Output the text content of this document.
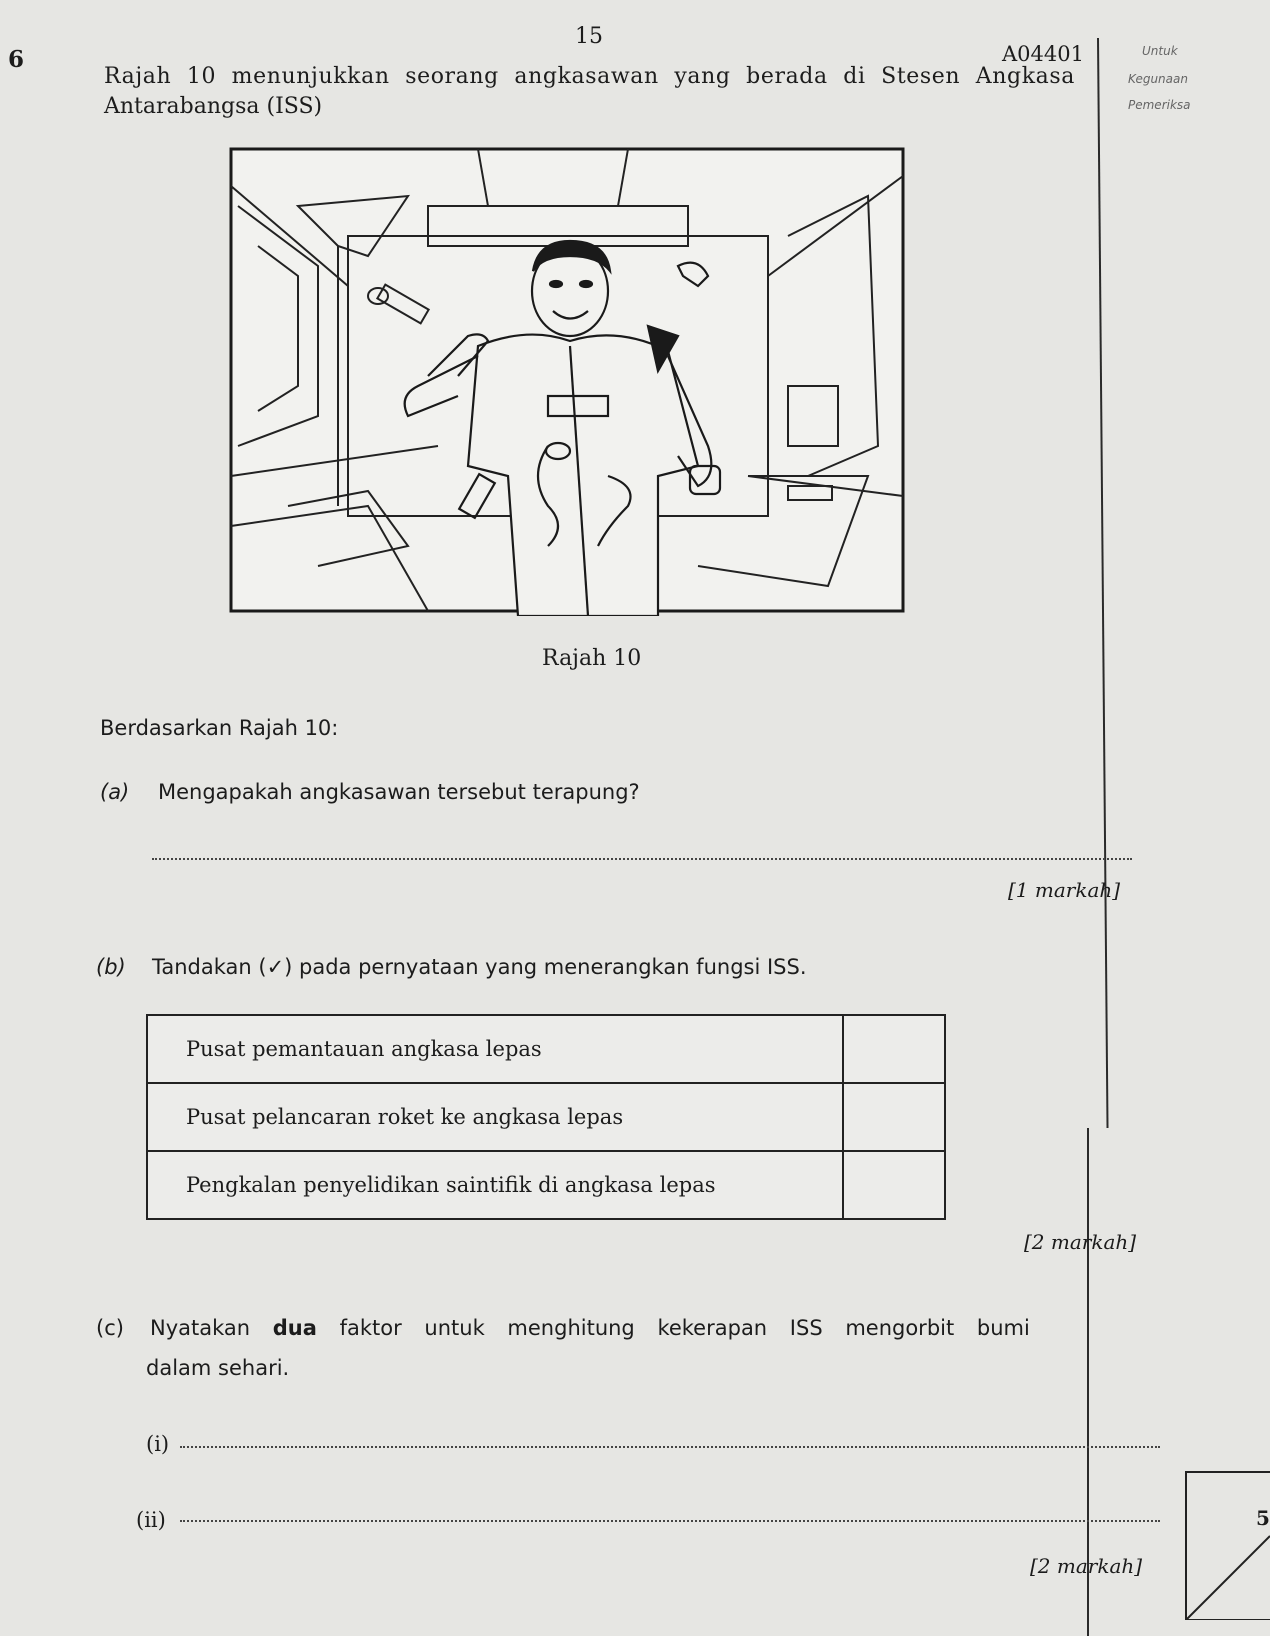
15
A04401	Untuk
Kegunaan
Pemeriksa
6
Rajah 10 menunjukkan seorang angkasawan yang berada di Stesen Angkasa
Antarabangsa (ISS)
Rajah 10
Berdasarkan Rajah 10:
(a) Mengapakah angkasawan tersebut terapung?
[1 markah]
(b) Tandakan (✓) pada pernyataan yang menerangkan fungsi ISS.
Pusat pemantauan angkasa lepas	
Pusat pelancaran roket ke angkasa lepas	
Pengkalan penyelidikan saintifik di angkasa lepas	
[2 markah]
(c) Nyatakan dua faktor untuk menghitung kekerapan ISS mengorbit bumi
dalam sehari.
(i)
(ii)
[2 markah]
5
